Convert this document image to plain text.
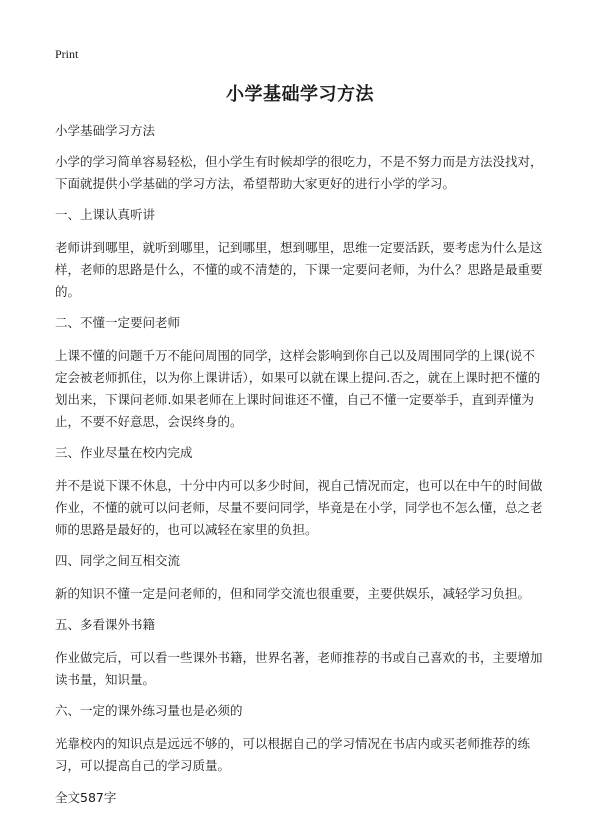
Print
小学基础学习方法

小学基础学习方法

小学的学习简单容易轻松，但小学生有时候却学的很吃力，不是不努力而是方法没找对，下面就提供小学基础的学习方法，希望帮助大家更好的进行小学的学习。

一、上课认真听讲

老师讲到哪里，就听到哪里，记到哪里，想到哪里，思维一定要活跃，要考虑为什么是这样，老师的思路是什么，不懂的或不清楚的，下课一定要问老师，为什么？思路是最重要的。

二、不懂一定要问老师

上课不懂的问题千万不能问周围的同学，这样会影响到你自己以及周围同学的上课(说不定会被老师抓住，以为你上课讲话），如果可以就在课上提问.否之，就在上课时把不懂的划出来，下课问老师.如果老师在上课时间谁还不懂，自己不懂一定要举手，直到弄懂为止，不要不好意思，会误终身的。

三、作业尽量在校内完成

并不是说下课不休息，十分中内可以多少时间，视自己情况而定，也可以在中午的时间做作业，不懂的就可以问老师，尽量不要问同学，毕竟是在小学，同学也不怎么懂，总之老师的思路是最好的，也可以减轻在家里的负担。

四、同学之间互相交流

新的知识不懂一定是问老师的，但和同学交流也很重要，主要供娱乐，减轻学习负担。

五、多看课外书籍

作业做完后，可以看一些课外书籍，世界名著，老师推荐的书或自己喜欢的书，主要增加读书量，知识量。

六、一定的课外练习量也是必须的

光靠校内的知识点是远远不够的，可以根据自己的学习情况在书店内或买老师推荐的练习，可以提高自己的学习质量。

全文587字
